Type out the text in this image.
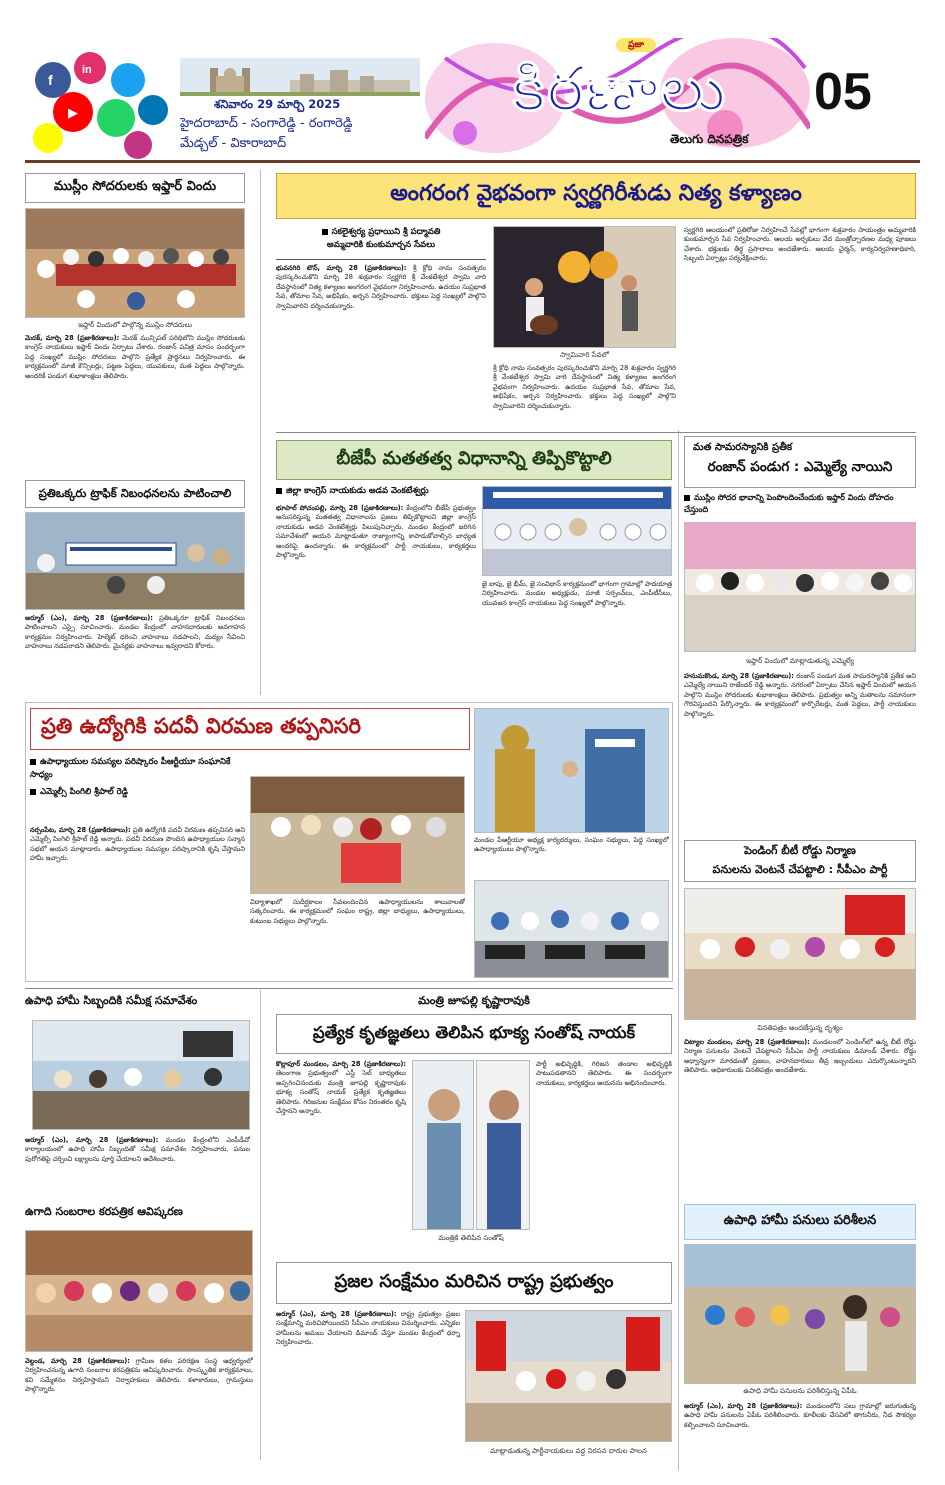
f
in
▶
శనివారం 29 మార్చి 2025
హైదరాబాద్ - సంగారెడ్డి - రంగారెడ్డి
మేడ్చల్ - వికారాబాద్
ప్రజా
కిరణాలు
తెలుగు దినపత్రిక
05
ముస్లీం సోదరులకు ఇఫ్తార్ విందు
ఇఫ్తార్ విందులో పాల్గొన్న ముస్లిం సోదరులు
మెదక్, మార్చి 28 (ప్రజాకిరణాలు): మెదక్ మున్సిపల్ పరిధిలోని ముస్లిం సోదరులకు కాంగ్రెస్ నాయకులు ఇఫ్తార్ విందు ఏర్పాటు చేశారు. రంజాన్ పవిత్ర మాసం సందర్భంగా పెద్ద సంఖ్యలో ముస్లిం సోదరులు పాల్గొని ప్రత్యేక ప్రార్థనలు నిర్వహించారు. ఈ కార్యక్రమంలో మాజీ కౌన్సిలర్లు, పట్టణ పెద్దలు, యువకులు, మత పెద్దలు పాల్గొన్నారు. అందరికీ పండుగ శుభాకాంక్షలు తెలిపారు.
ప్రతిఒక్కరు ట్రాఫిక్ నిబంధనలను పాటించాలి
అర్మూర్ (ఎం), మార్చి 28 (ప్రజాకిరణాలు): ప్రతిఒక్కరూ ట్రాఫిక్ నిబంధనలు పాటించాలని ఎస్సై సూచించారు. మండల కేంద్రంలో వాహనదారులకు అవగాహన కార్యక్రమం నిర్వహించారు. హెల్మెట్ ధరించి వాహనాలు నడపాలని, మద్యం సేవించి వాహనాలు నడపరాదని తెలిపారు. మైనర్లకు వాహనాలు ఇవ్వరాదని కోరారు.
అంగరంగ వైభవంగా స్వర్ణగిరీశుడు నిత్య కళ్యాణం
సకలైశ్వర్య ప్రధాయిని శ్రీ పద్మావతి
అమ్మవారికి కుంకుమార్చన సేవలు
భువనగిరి టౌన్, మార్చి 28 (ప్రజాకిరణాలు): శ్రీ క్రోధి నామ సంవత్సరం పురస్కరించుకొని మార్చి 28 శుక్రవారం స్వర్ణగిరి శ్రీ వేంకటేశ్వర స్వామి వారి దేవస్థానంలో నిత్య కళ్యాణం అంగరంగ వైభవంగా నిర్వహించారు. ఉదయం సుప్రభాత సేవ, తోమాల సేవ, అభిషేకం, అర్చన నిర్వహించారు. భక్తులు పెద్ద సంఖ్యలో పాల్గొని స్వామివారిని దర్శించుకున్నారు.
స్వామివారి సేవలో
శ్రీ క్రోధి నామ సంవత్సరం పురస్కరించుకొని మార్చి 28 శుక్రవారం స్వర్ణగిరి శ్రీ వేంకటేశ్వర స్వామి వారి దేవస్థానంలో నిత్య కళ్యాణం అంగరంగ వైభవంగా నిర్వహించారు. ఉదయం సుప్రభాత సేవ, తోమాల సేవ, అభిషేకం, అర్చన నిర్వహించారు. భక్తులు పెద్ద సంఖ్యలో పాల్గొని స్వామివారిని దర్శించుకున్నారు.
స్వర్ణగిరి ఆలయంలో ప్రతిరోజు నిర్వహించే సేవల్లో భాగంగా శుక్రవారం సాయంత్రం అమ్మవారికి కుంకుమార్చన సేవ నిర్వహించారు. ఆలయ అర్చకులు వేద మంత్రోచ్ఛారణల మధ్య పూజలు చేశారు. భక్తులకు తీర్థ ప్రసాదాలు అందజేశారు. ఆలయ చైర్మన్, కార్యనిర్వహణాధికారి, సిబ్బంది ఏర్పాట్లు పర్యవేక్షించారు.
బీజేపీ మతతత్వ విధానాన్ని తిప్పికొట్టాలి
జిల్లా కాంగ్రెస్ నాయకుడు అడవ వెంకటేశ్వర్లు
భూపాల్ పోచంపల్లి, మార్చి 28 (ప్రజాకిరణాలు): కేంద్రంలోని బీజేపీ ప్రభుత్వం అనుసరిస్తున్న మతతత్వ విధానాలను ప్రజలు తిప్పికొట్టాలని జిల్లా కాంగ్రెస్ నాయకుడు అడవ వెంకటేశ్వర్లు పిలుపునిచ్చారు. మండల కేంద్రంలో జరిగిన సమావేశంలో ఆయన మాట్లాడుతూ రాజ్యాంగాన్ని కాపాడుకోవాల్సిన బాధ్యత అందరిపై ఉందన్నారు. ఈ కార్యక్రమంలో పార్టీ నాయకులు, కార్యకర్తలు పాల్గొన్నారు.
జై బాపు, జై భీమ్, జై సంవిధాన్ కార్యక్రమంలో భాగంగా గ్రామాల్లో పాదయాత్ర నిర్వహించారు. మండల అధ్యక్షుడు, మాజీ సర్పంచ్‌లు, ఎంపీటీసీలు, యువజన కాంగ్రెస్ నాయకులు పెద్ద సంఖ్యలో పాల్గొన్నారు.
మత సామరస్యానికి ప్రతీక
రంజాన్ పండుగ : ఎమ్మెల్యే నాయిని
ముస్లిం సోదర భావాన్ని పెంపొందించేందుకు ఇఫ్తార్ విందు దోహదం చేస్తుంది
ఇఫ్తార్ విందులో మాట్లాడుతున్న ఎమ్మెల్యే
హనుమకొండ, మార్చి 28 (ప్రజాకిరణాలు): రంజాన్ పండుగ మత సామరస్యానికి ప్రతీక అని ఎమ్మెల్యే నాయిని రాజేందర్ రెడ్డి అన్నారు. నగరంలో ఏర్పాటు చేసిన ఇఫ్తార్ విందులో ఆయన పాల్గొని ముస్లిం సోదరులకు శుభాకాంక్షలు తెలిపారు. ప్రభుత్వం అన్ని మతాలను సమానంగా గౌరవిస్తుందని పేర్కొన్నారు. ఈ కార్యక్రమంలో కార్పొరేటర్లు, మత పెద్దలు, పార్టీ నాయకులు పాల్గొన్నారు.
ప్రతి ఉద్యోగికి పదవీ విరమణ తప్పనిసరి
ఉపాధ్యాయుల సమస్యల పరిష్కారం పీఆర్టీయూ సంఘానికే సాధ్యం
ఎమ్మెల్సీ పింగిలి శ్రీపాల్ రెడ్డి
నర్సంపేట, మార్చి 28 (ప్రజాకిరణాలు): ప్రతి ఉద్యోగికి పదవీ విరమణ తప్పనిసరి అని ఎమ్మెల్సీ పింగిలి శ్రీపాల్ రెడ్డి అన్నారు. పదవీ విరమణ పొందిన ఉపాధ్యాయుల సన్మాన సభలో ఆయన మాట్లాడారు. ఉపాధ్యాయుల సమస్యల పరిష్కారానికి కృషి చేస్తామని హామీ ఇచ్చారు.
విద్యాశాఖలో సుదీర్ఘకాలం సేవలందించిన ఉపాధ్యాయులను శాలువాలతో సత్కరించారు. ఈ కార్యక్రమంలో సంఘం రాష్ట్ర, జిల్లా బాధ్యులు, ఉపాధ్యాయులు, కుటుంబ సభ్యులు పాల్గొన్నారు.
మండల పీఆర్టీయూ అధ్యక్ష కార్యదర్శులు, సంఘం సభ్యులు, పెద్ద సంఖ్యలో ఉపాధ్యాయులు పాల్గొన్నారు.	పెండింగ్ బీటీ రోడ్డు నిర్మాణ
పనులను వెంటనే చేపట్టాలి : సీపీఎం పార్టీ
వినతిపత్రం అందజేస్తున్న దృశ్యం
చిట్యాల మండలం, మార్చి 28 (ప్రజాకిరణాలు): మండలంలో పెండింగ్‌లో ఉన్న బీటీ రోడ్డు నిర్మాణ పనులను వెంటనే చేపట్టాలని సీపీఎం పార్టీ నాయకులు డిమాండ్ చేశారు. రోడ్డు అధ్వాన్నంగా మారడంతో ప్రజలు, వాహనదారులు తీవ్ర ఇబ్బందులు ఎదుర్కొంటున్నారని తెలిపారు. అధికారులకు వినతిపత్రం అందజేశారు.
ఉపాధి హామీ సిబ్బందికి సమీక్ష సమావేశం
అర్మూర్ (ఎం), మార్చి 28 (ప్రజాకిరణాలు): మండల కేంద్రంలోని ఎంపీడీవో కార్యాలయంలో ఉపాధి హామీ సిబ్బందితో సమీక్ష సమావేశం నిర్వహించారు. పనుల పురోగతిపై చర్చించి లక్ష్యాలను పూర్తి చేయాలని ఆదేశించారు.
ఉగాది సంబరాల కరపత్రిక ఆవిష్కరణ
వెల్దండ, మార్చి 28 (ప్రజాకిరణాలు): గ్రామీణ కళల పరిరక్షణ సంస్థ ఆధ్వర్యంలో నిర్వహించనున్న ఉగాది సంబరాల కరపత్రికను ఆవిష్కరించారు. సాంస్కృతిక కార్యక్రమాలు, కవి సమ్మేళనం నిర్వహిస్తామని నిర్వాహకులు తెలిపారు. కళాకారులు, గ్రామస్తులు పాల్గొన్నారు.
మంత్రి జూపల్లి కృష్ణారావుకి
ప్రత్యేక కృతజ్ఞతలు తెలిపిన భూక్య సంతోష్ నాయక్
కొల్లాపూర్ మండలం, మార్చి 28 (ప్రజాకిరణాలు): తెలంగాణ ప్రభుత్వంలో ఎస్టీ సెల్ బాధ్యతలు అప్పగించినందుకు మంత్రి జూపల్లి కృష్ణారావుకు భూక్య సంతోష్ నాయక్ ప్రత్యేక కృతజ్ఞతలు తెలిపారు. గిరిజనుల సంక్షేమం కోసం నిరంతరం కృషి చేస్తానని అన్నారు.
మంత్రికి తెలిపిన సంతోష్
పార్టీ అభివృద్ధికి, గిరిజన తండాల అభివృద్ధికి పాటుపడతానని తెలిపారు. ఈ సందర్భంగా నాయకులు, కార్యకర్తలు ఆయనను అభినందించారు.
ప్రజల సంక్షేమం మరిచిన రాష్ట్ర ప్రభుత్వం
అర్మూర్ (ఎం), మార్చి 28 (ప్రజాకిరణాలు): రాష్ట్ర ప్రభుత్వం ప్రజల సంక్షేమాన్ని మరిచిపోయిందని సీపీఎం నాయకులు విమర్శించారు. ఎన్నికల హామీలను అమలు చేయాలని డిమాండ్ చేస్తూ మండల కేంద్రంలో ధర్నా నిర్వహించారు.
మాట్లాడుతున్న పార్టీనాయకులు వద్ద నిరసన దారుల పాలన
ఉపాధి హామీ పనులు పరిశీలన
ఉపాధి హామీ పనులను పరిశీలిస్తున్న ఏపీఓ
అర్మూర్ (ఎం), మార్చి 28 (ప్రజాకిరణాలు): మండలంలోని పలు గ్రామాల్లో జరుగుతున్న ఉపాధి హామీ పనులను ఏపీఓ పరిశీలించారు. కూలీలకు వేసవిలో తాగునీరు, నీడ సౌకర్యం కల్పించాలని సూచించారు.
